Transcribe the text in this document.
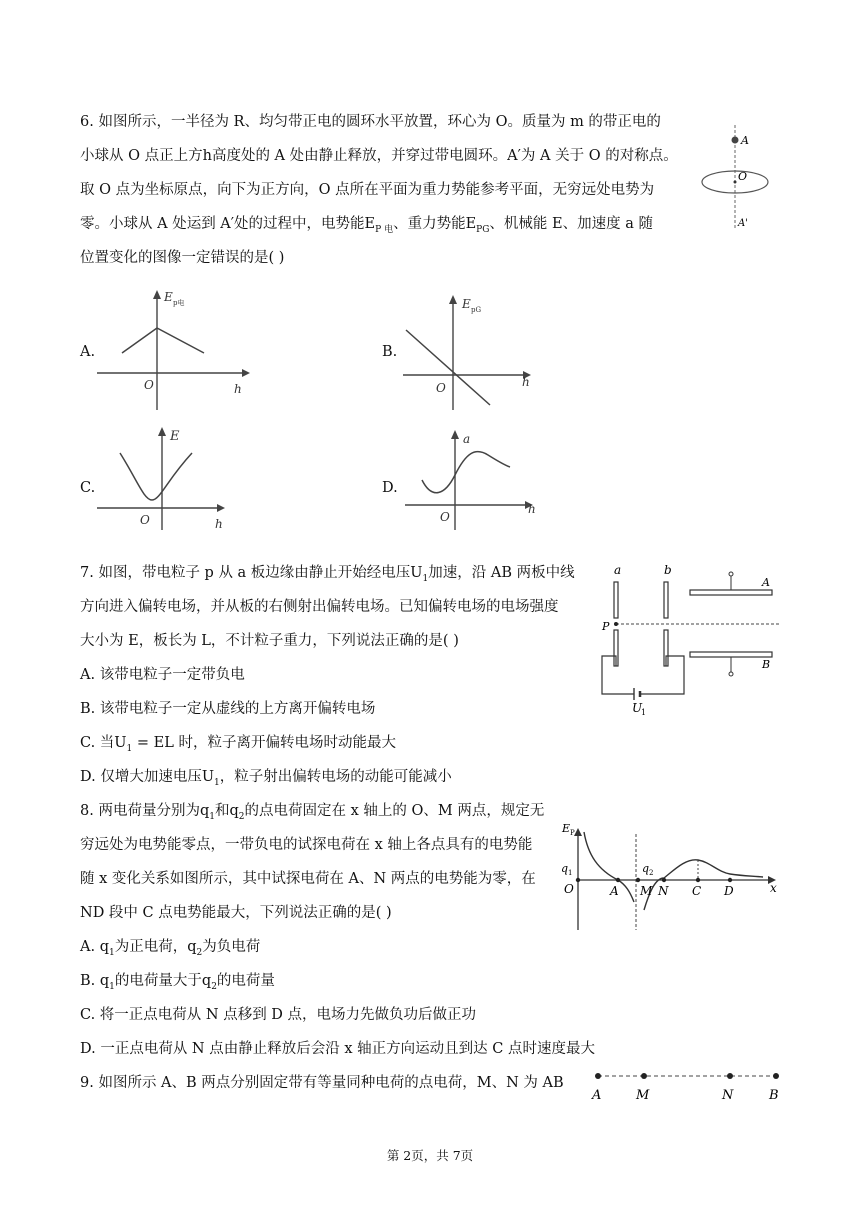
6. 如图所示，一半径为 R、均匀带正电的圆环水平放置，环心为 O。质量为 m 的带正电的
小球从 O 点正上方h高度处的 A 处由静止释放，并穿过带电圆环。A′为 A 关于 O 的对称点。
取 O 点为坐标原点，向下为正方向，O 点所在平面为重力势能参考平面，无穷远处电势为
零。小球从 A 处运到 A′处的过程中，电势能$E_{P 电}$、重力势能$E_{PG}$、机械能 E、加速度 a 随
位置变化的图像一定错误的是( )
A
O
A'
A.
E p电
O	h
B.
E pG
O	h
C.
E
O	h
D.
a
O
h
7. 如图，带电粒子 p 从 a 板边缘由静止开始经电压$U_1$加速，沿 AB 两板中线
方向进入偏转电场，并从板的右侧射出偏转电场。已知偏转电场的电场强度
大小为 E，板长为 L，不计粒子重力，下列说法正确的是( )
A. 该带电粒子一定带负电
B. 该带电粒子一定从虚线的上方离开偏转电场
C. 当$U_1$ = EL 时，粒子离开偏转电场时动能最大
D. 仅增大加速电压$U_1$，粒子射出偏转电场的动能可能减小
a	b
P
A
B
U
1
8. 两电荷量分别为$q_1$和$q_2$的点电荷固定在 x 轴上的 O、M 两点，规定无
穷远处为电势能零点，一带负电的试探电荷在 x 轴上各点具有的电势能
随 x 变化关系如图所示，其中试探电荷在 A、N 两点的电势能为零，在
ND 段中 C 点电势能最大，下列说法正确的是( )
A. $q_1$为正电荷，$q_2$为负电荷
B. $q_1$的电荷量大于$q_2$的电荷量
C. 将一正点电荷从 N 点移到 D 点，电场力先做负功后做正功
D. 一正点电荷从 N 点由静止释放后会沿 x 轴正方向运动且到达 C 点时速度最大
E P
x
q 1	q 2
O	A M N C D
9. 如图所示 A、B 两点分别固定带有等量同种电荷的点电荷，M、N 为 AB
A	M	N	B
第 2页，共 7页
